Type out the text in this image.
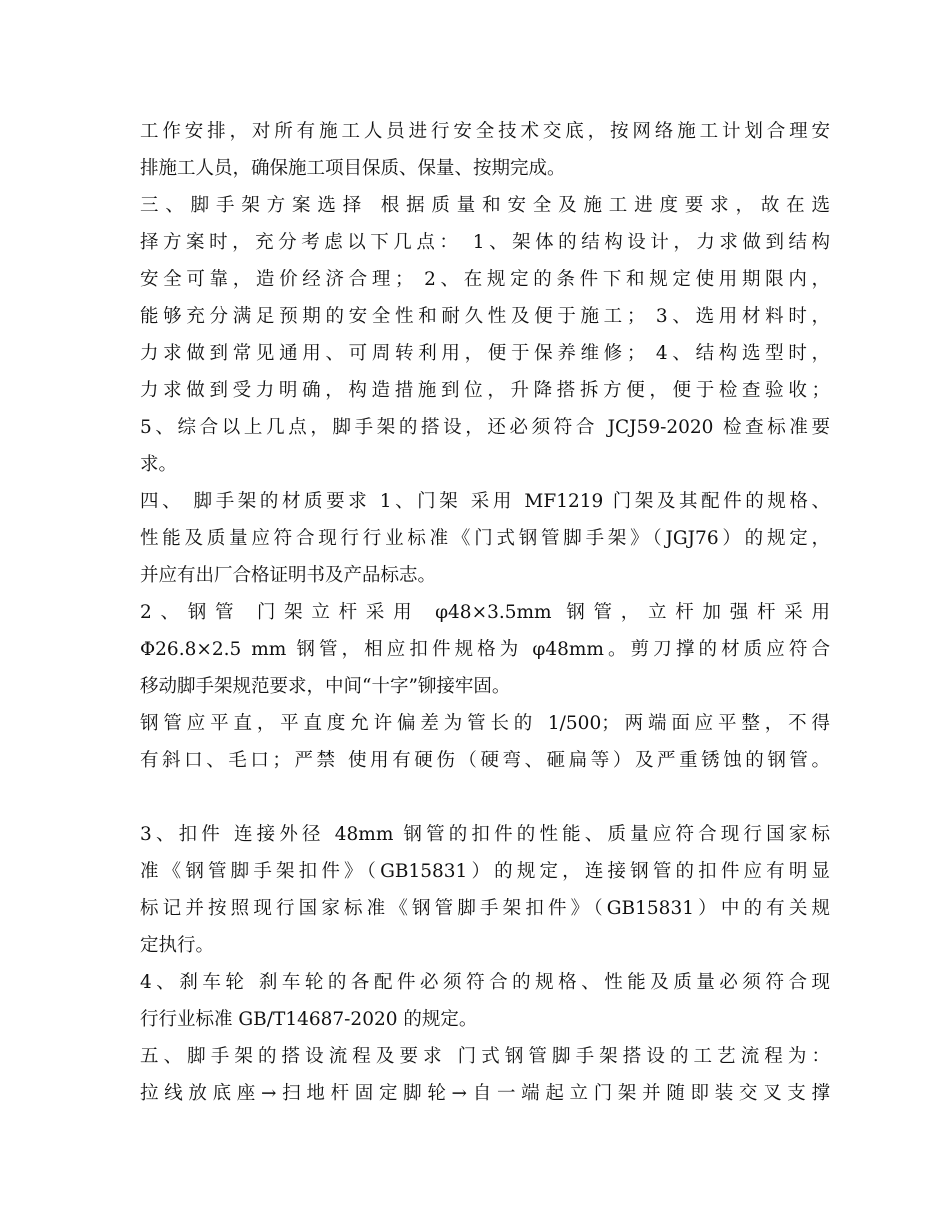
工作安排，对所有施工人员进行安全技术交底，按网络施工计划合理安
排施工人员，确保施工项目保质、保量、按期完成。
三、脚手架方案选择 根据质量和安全及施工进度要求，故在选
择方案时，充分考虑以下几点： 1、架体的结构设计，力求做到结构
安全可靠，造价经济合理； 2、在规定的条件下和规定使用期限内，
能够充分满足预期的安全性和耐久性及便于施工； 3、选用材料时，
力求做到常见通用、可周转利用，便于保养维修； 4、结构选型时，
力求做到受力明确，构造措施到位，升降搭拆方便，便于检查验收；
5、综合以上几点，脚手架的搭设，还必须符合 JCJ59-2020 检查标准要
求。
四、 脚手架的材质要求 1、门架 采用 MF1219 门架及其配件的规格、
性能及质量应符合现行行业标准《门式钢管脚手架》（JGJ76）的规定，
并应有出厂合格证明书及产品标志。
2、钢管 门架立杆采用 φ48×3.5mm 钢管，立杆加强杆采用
Φ26.8×2.5 mm 钢管，相应扣件规格为 φ48mm。剪刀撑的材质应符合
移动脚手架规范要求，中间“十字”铆接牢固。
钢管应平直，平直度允许偏差为管长的 1/500；两端面应平整，不得
有斜口、毛口；严禁 使用有硬伤（硬弯、砸扁等）及严重锈蚀的钢管。
3、扣件 连接外径 48mm 钢管的扣件的性能、质量应符合现行国家标
准《钢管脚手架扣件》（GB15831）的规定，连接钢管的扣件应有明显
标记并按照现行国家标准《钢管脚手架扣件》（GB15831）中的有关规
定执行。
4、刹车轮 刹车轮的各配件必须符合的规格、性能及质量必须符合现
行行业标准 GB/T14687-2020 的规定。
五、脚手架的搭设流程及要求 门式钢管脚手架搭设的工艺流程为：
拉线放底座→扫地杆固定脚轮→自一端起立门架并随即装交叉支撑
